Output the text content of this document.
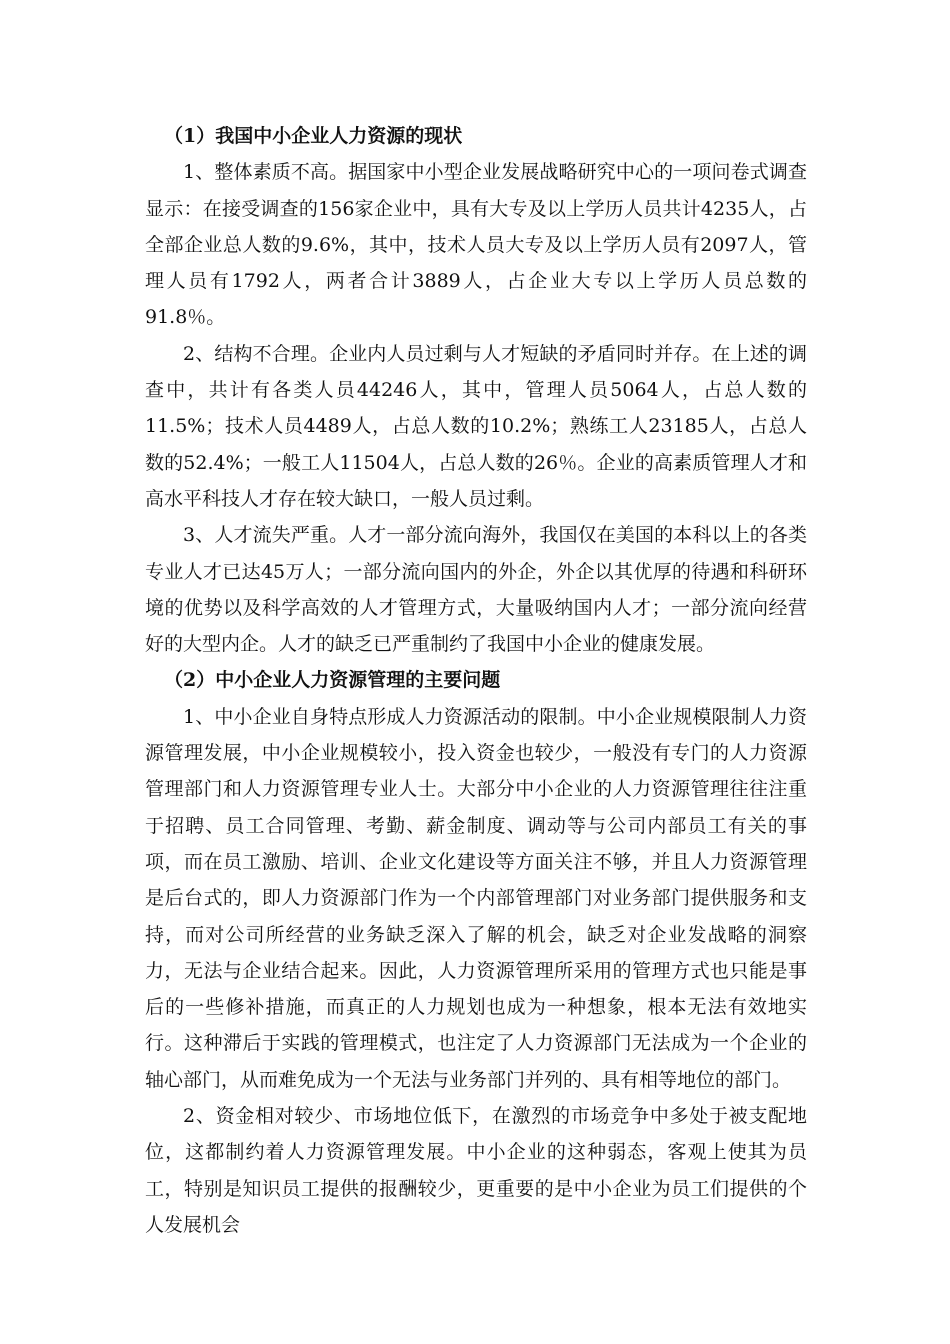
（1）我国中小企业人力资源的现状

1、整体素质不高。据国家中小型企业发展战略研究中心的一项问卷式调查显示：在接受调查的156家企业中，具有大专及以上学历人员共计4235人，占全部企业总人数的9.6%，其中，技术人员大专及以上学历人员有2097人，管理人员有1792人，两者合计3889人，占企业大专以上学历人员总数的91.8％。

2、结构不合理。企业内人员过剩与人才短缺的矛盾同时并存。在上述的调查中，共计有各类人员44246人，其中，管理人员5064人，占总人数的11.5%；技术人员4489人，占总人数的10.2%；熟练工人23185人，占总人数的52.4%；一般工人11504人，占总人数的26％。企业的高素质管理人才和高水平科技人才存在较大缺口，一般人员过剩。

3、人才流失严重。人才一部分流向海外，我国仅在美国的本科以上的各类专业人才已达45万人；一部分流向国内的外企，外企以其优厚的待遇和科研环境的优势以及科学高效的人才管理方式，大量吸纳国内人才；一部分流向经营好的大型内企。人才的缺乏已严重制约了我国中小企业的健康发展。

（2）中小企业人力资源管理的主要问题

1、中小企业自身特点形成人力资源活动的限制。中小企业规模限制人力资源管理发展，中小企业规模较小，投入资金也较少，一般没有专门的人力资源管理部门和人力资源管理专业人士。大部分中小企业的人力资源管理往往注重于招聘、员工合同管理、考勤、薪金制度、调动等与公司内部员工有关的事项，而在员工激励、培训、企业文化建设等方面关注不够，并且人力资源管理是后台式的，即人力资源部门作为一个内部管理部门对业务部门提供服务和支持，而对公司所经营的业务缺乏深入了解的机会，缺乏对企业发战略的洞察力，无法与企业结合起来。因此，人力资源管理所采用的管理方式也只能是事后的一些修补措施，而真正的人力规划也成为一种想象，根本无法有效地实行。这种滞后于实践的管理模式，也注定了人力资源部门无法成为一个企业的轴心部门，从而难免成为一个无法与业务部门并列的、具有相等地位的部门。

2、资金相对较少、市场地位低下，在激烈的市场竞争中多处于被支配地位，这都制约着人力资源管理发展。中小企业的这种弱态，客观上使其为员工，特别是知识员工提供的报酬较少，更重要的是中小企业为员工们提供的个人发展机会
